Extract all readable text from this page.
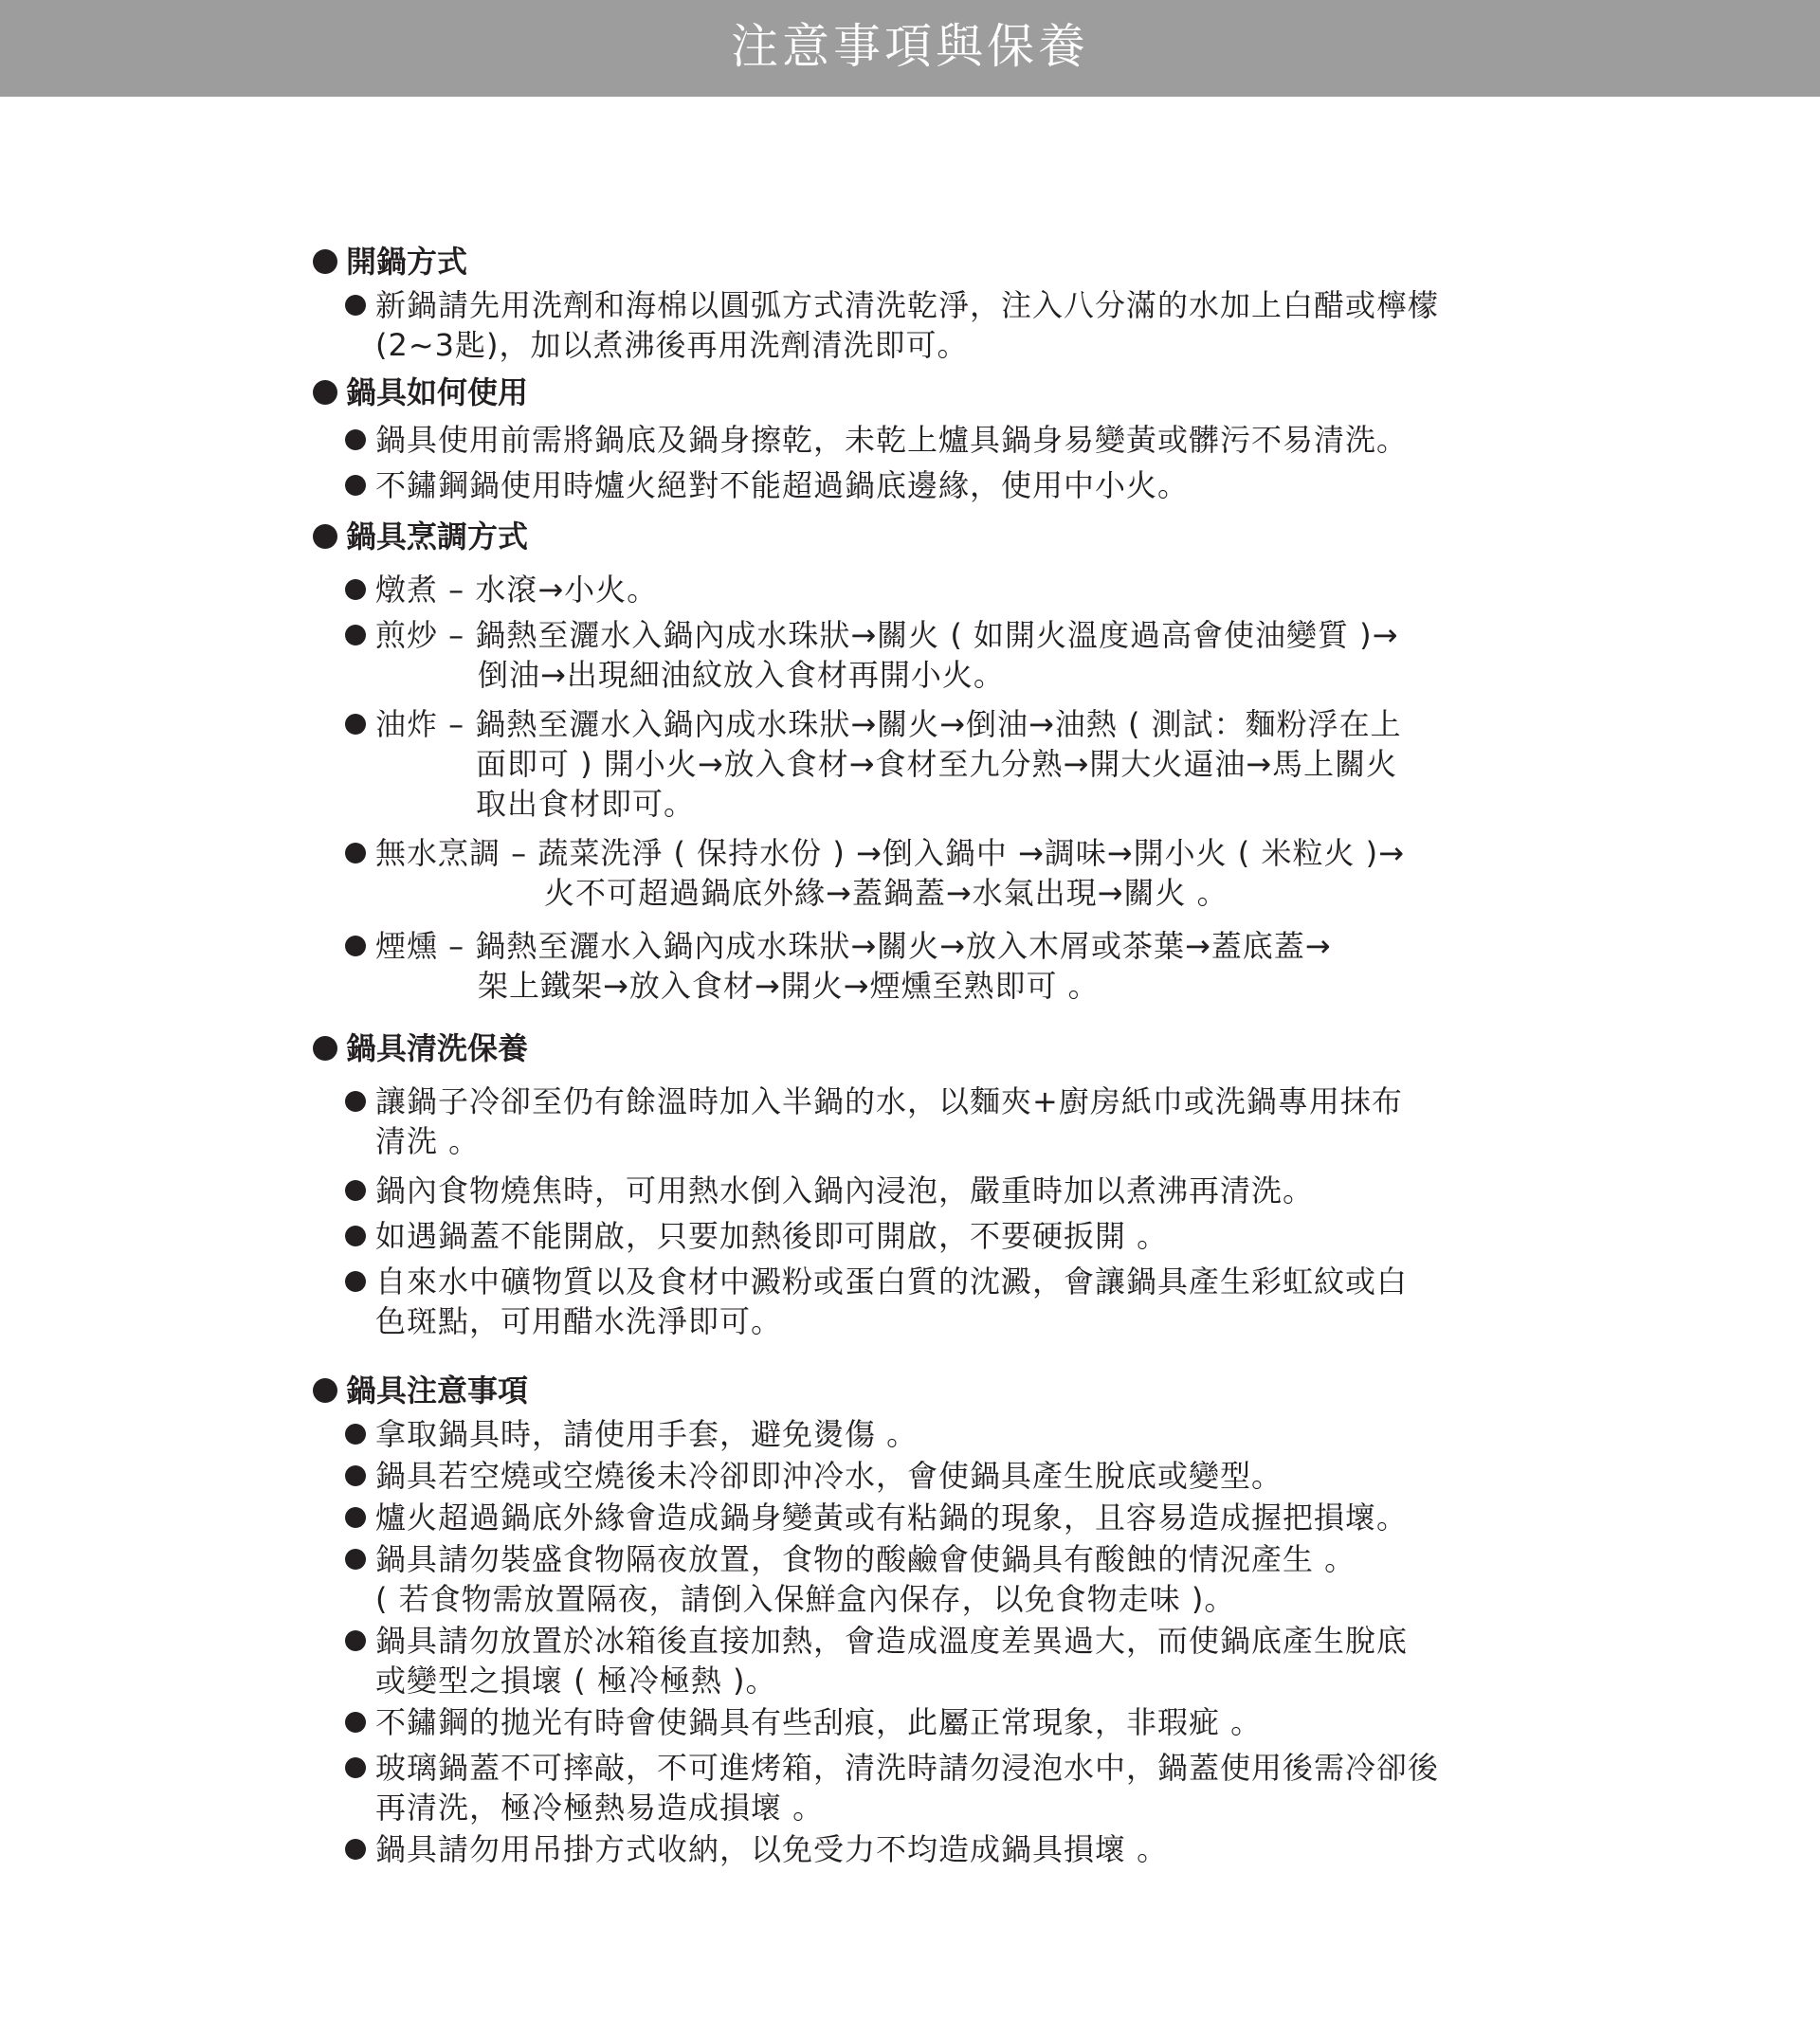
注意事項與保養
開鍋方式
新鍋請先用洗劑和海棉以圓弧方式清洗乾淨，注入八分滿的水加上白醋或檸檬
(2~3匙)，加以煮沸後再用洗劑清洗即可。
鍋具如何使用
鍋具使用前需將鍋底及鍋身擦乾，未乾上爐具鍋身易變黃或髒污不易清洗。
不鏽鋼鍋使用時爐火絕對不能超過鍋底邊緣，使用中小火。
鍋具烹調方式
燉煮 – 水滾→小火。
煎炒 – 鍋熱至灑水入鍋內成水珠狀→關火 ( 如開火溫度過高會使油變質 )→
倒油→出現細油紋放入食材再開小火。
油炸 – 鍋熱至灑水入鍋內成水珠狀→關火→倒油→油熱 ( 測試：麵粉浮在上
面即可 ) 開小火→放入食材→食材至九分熟→開大火逼油→馬上關火
取出食材即可。
無水烹調 – 蔬菜洗淨 ( 保持水份 ) →倒入鍋中 →調味→開小火 ( 米粒火 )→
火不可超過鍋底外緣→蓋鍋蓋→水氣出現→關火 。
煙燻 – 鍋熱至灑水入鍋內成水珠狀→關火→放入木屑或茶葉→蓋底蓋→
架上鐵架→放入食材→開火→煙燻至熟即可 。
鍋具清洗保養
讓鍋子冷卻至仍有餘溫時加入半鍋的水，以麵夾+廚房紙巾或洗鍋專用抹布
清洗 。
鍋內食物燒焦時，可用熱水倒入鍋內浸泡，嚴重時加以煮沸再清洗。
如遇鍋蓋不能開啟，只要加熱後即可開啟，不要硬扳開 。
自來水中礦物質以及食材中澱粉或蛋白質的沈澱，會讓鍋具產生彩虹紋或白
色斑點，可用醋水洗淨即可。
鍋具注意事項
拿取鍋具時，請使用手套，避免燙傷 。
鍋具若空燒或空燒後未冷卻即沖冷水，會使鍋具產生脫底或變型。
爐火超過鍋底外緣會造成鍋身變黃或有粘鍋的現象，且容易造成握把損壞。
鍋具請勿裝盛食物隔夜放置，食物的酸鹼會使鍋具有酸蝕的情況產生 。
( 若食物需放置隔夜，請倒入保鮮盒內保存，以免食物走味 )。
鍋具請勿放置於冰箱後直接加熱，會造成溫度差異過大，而使鍋底產生脫底
或變型之損壞 ( 極冷極熱 )。
不鏽鋼的拋光有時會使鍋具有些刮痕，此屬正常現象，非瑕疵 。
玻璃鍋蓋不可摔敲，不可進烤箱，清洗時請勿浸泡水中，鍋蓋使用後需冷卻後
再清洗，極冷極熱易造成損壞 。
鍋具請勿用吊掛方式收納，以免受力不均造成鍋具損壞 。
